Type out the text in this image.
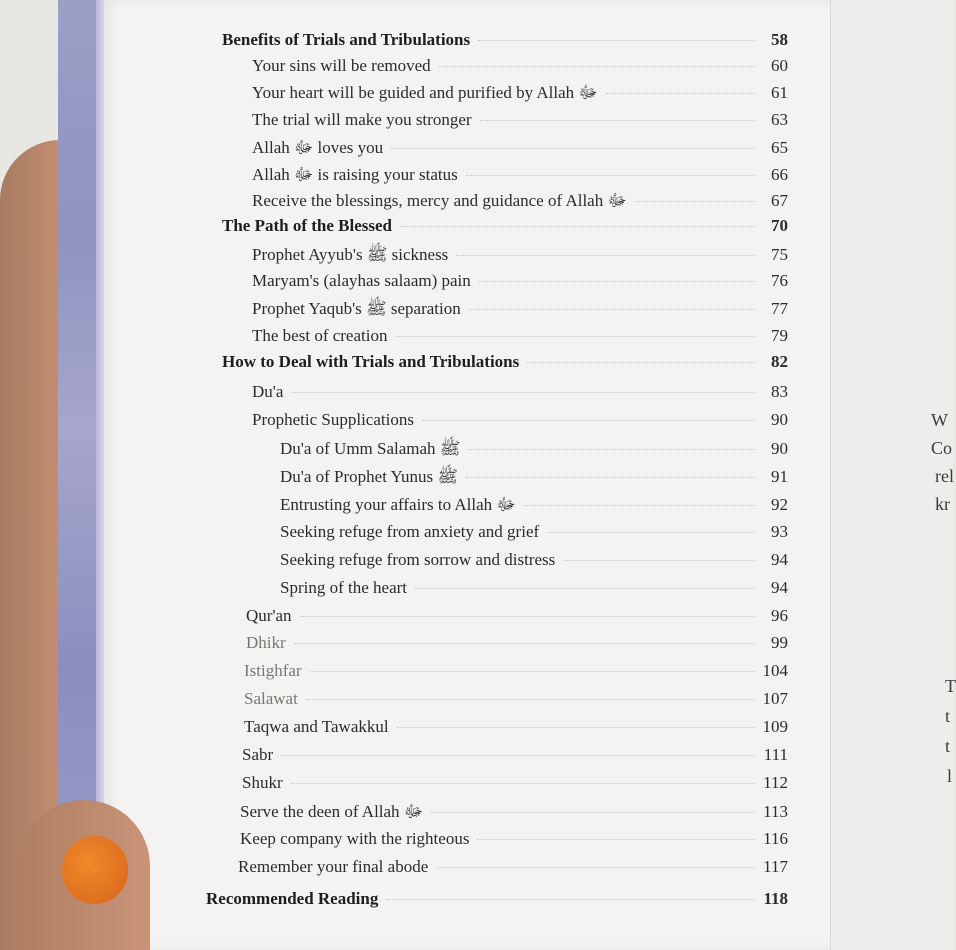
Benefits of Trials and Tribulations	58
Your sins will be removed	60
Your heart will be guided and purified by Allah ﷻ	61
The trial will make you stronger	63
Allah ﷻ loves you	65
Allah ﷻ is raising your status	66
Receive the blessings, mercy and guidance of Allah ﷻ	67
The Path of the Blessed	70
Prophet Ayyub's ﷺ sickness	75
Maryam's (alayhas salaam) pain	76
Prophet Yaqub's ﷺ separation	77
The best of creation	79
How to Deal with Trials and Tribulations	82
Du'a	83
Prophetic Supplications	90
Du'a of Umm Salamah ﷺ	90
Du'a of Prophet Yunus ﷺ	91
Entrusting your affairs to Allah ﷻ	92
Seeking refuge from anxiety and grief	93
Seeking refuge from sorrow and distress	94
Spring of the heart	94
Qur'an	96
Dhikr	99
Istighfar	104
Salawat	107
Taqwa and Tawakkul	109
Sabr	111
Shukr	112
Serve the deen of Allah ﷻ	113
Keep company with the righteous	116
Remember your final abode	117
Recommended Reading	118
W
Co
rel
kr
T
t
t
l
